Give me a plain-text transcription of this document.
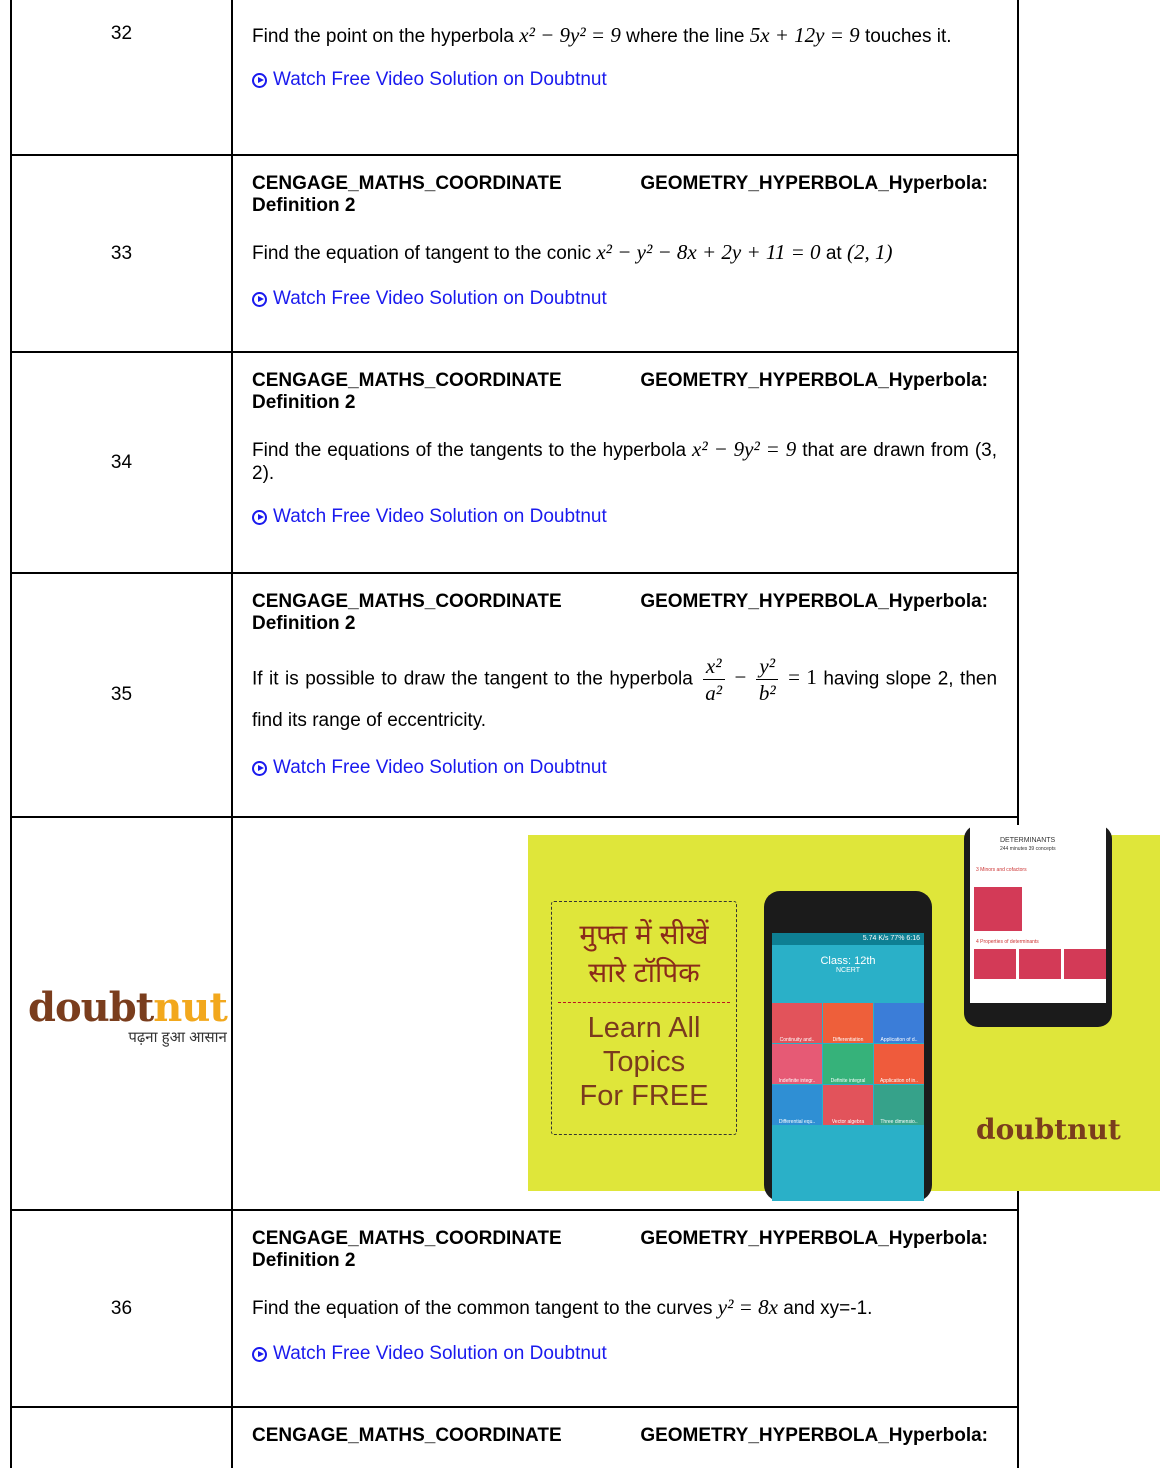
32	Find the point on the hyperbola x² − 9y² = 9 where the line 5x + 12y = 9 touches it.
Watch Free Video Solution on Doubtnut
33
CENGAGE_MATHS_COORDINATE	GEOMETRY_HYPERBOLA_Hyperbola:
Definition 2
Find the equation of tangent to the conic x² − y² − 8x + 2y + 11 = 0 at (2, 1)
Watch Free Video Solution on Doubtnut
34
CENGAGE_MATHS_COORDINATE	GEOMETRY_HYPERBOLA_Hyperbola:
Definition 2
Find the equations of the tangents to the hyperbola x² − 9y² = 9 that are drawn from (3, 2).
Watch Free Video Solution on Doubtnut
35
CENGAGE_MATHS_COORDINATE	GEOMETRY_HYPERBOLA_Hyperbola:
Definition 2
If it is possible to draw the tangent to the hyperbola $\frac{\text{x²}}{\text{a²}} - \frac{\text{y²}}{\text{b²}} = 1$ having slope 2, then find its range of eccentricity.
Watch Free Video Solution on Doubtnut
doubtnut
पढ़ना हुआ आसान
मुफ्त में सीखें
सारे टॉपिक
Learn All
Topics
For FREE
5.74 K/s 77% 6:16
Class: 12th
NCERT
Continuity and..	Differentiation	Application of d..
Indefinite integr..	Definite integral	Application of in..
Differential equ..	Vector algebra	Three dimensio..
DETERMINANTS
244 minutes 39 concepts
3 Minors and cofactors
4 Properties of determinants
doubtnut
36
CENGAGE_MATHS_COORDINATE	GEOMETRY_HYPERBOLA_Hyperbola:
Definition 2
Find the equation of the common tangent to the curves y² = 8x and xy=-1.
Watch Free Video Solution on Doubtnut
CENGAGE_MATHS_COORDINATE	GEOMETRY_HYPERBOLA_Hyperbola:
